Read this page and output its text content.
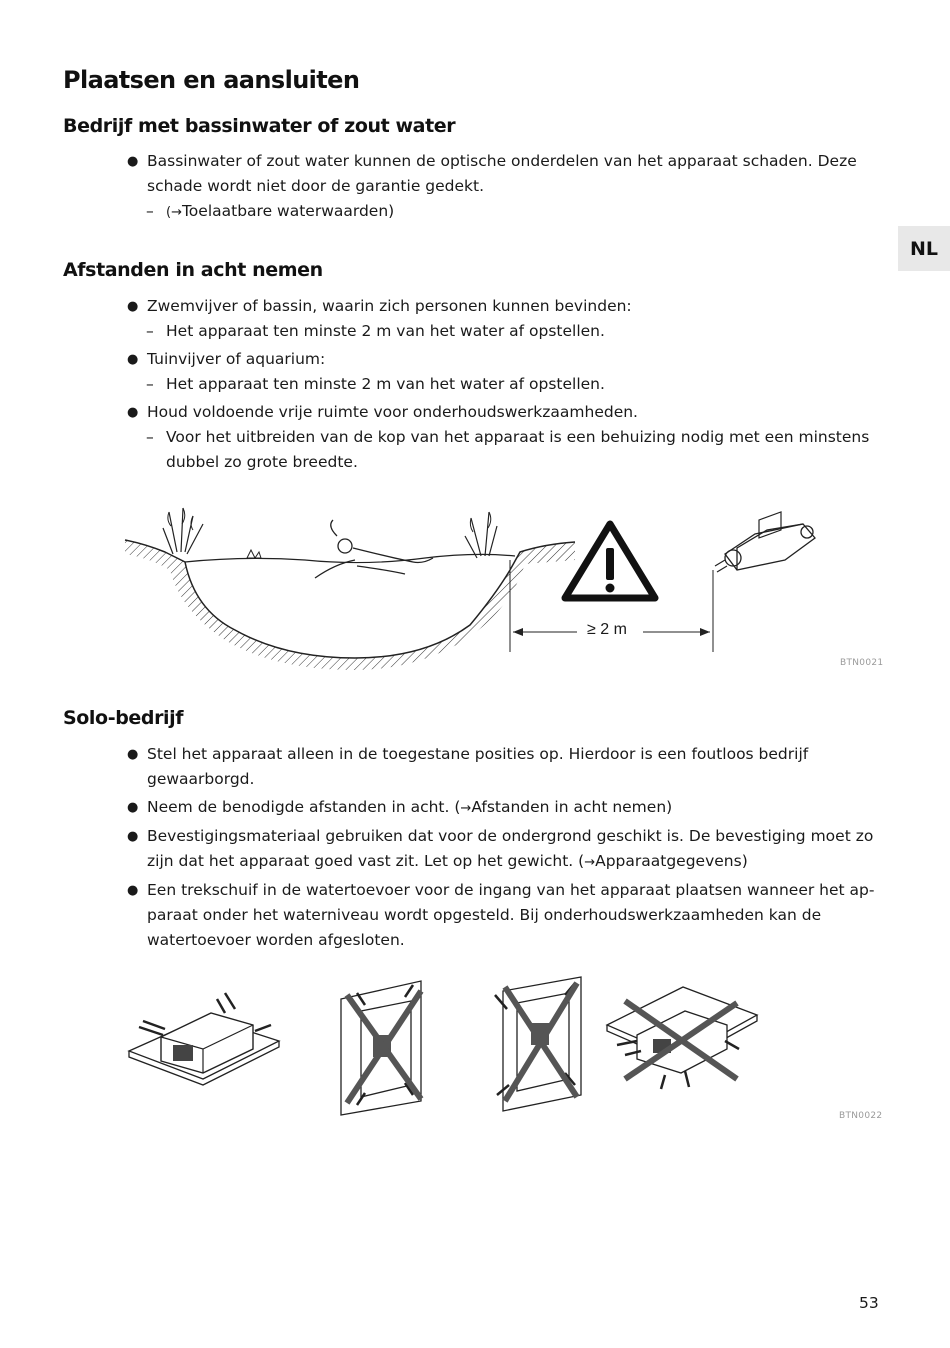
Plaatsen en aansluiten
NL
Bedrijf met bassinwater of zout water
● Bassinwater of zout water kunnen de optische onderdelen van het apparaat schaden. Deze schade wordt niet door de garantie gedekt.
– (→Toelaatbare waterwaarden)
Afstanden in acht nemen
● Zwemvijver of bassin, waarin zich personen kunnen bevinden:
– Het apparaat ten minste 2 m van het water af opstellen.
● Tuinvijver of aquarium:
– Het apparaat ten minste 2 m van het water af opstellen.
● Houd voldoende vrije ruimte voor onderhoudswerkzaamheden.
– Voor het uitbreiden van de kop van het apparaat is een behuizing nodig met een minstens dubbel zo grote breedte.
≥ 2 m
BTN0021
Solo-bedrijf
● Stel het apparaat alleen in de toegestane posities op. Hierdoor is een foutloos bedrijf gewaarborgd.
● Neem de benodigde afstanden in acht. (→Afstanden in acht nemen)
● Bevestigingsmateriaal gebruiken dat voor de ondergrond geschikt is. De bevestiging moet zo zijn dat het apparaat goed vast zit. Let op het gewicht. (→Apparaatgegevens)
● Een trekschuif in de watertoevoer voor de ingang van het apparaat plaatsen wanneer het apparaat onder het waterniveau wordt opgesteld. Bij onderhoudswerkzaamheden kan de watertoevoer worden afgesloten.
BTN0022
53
